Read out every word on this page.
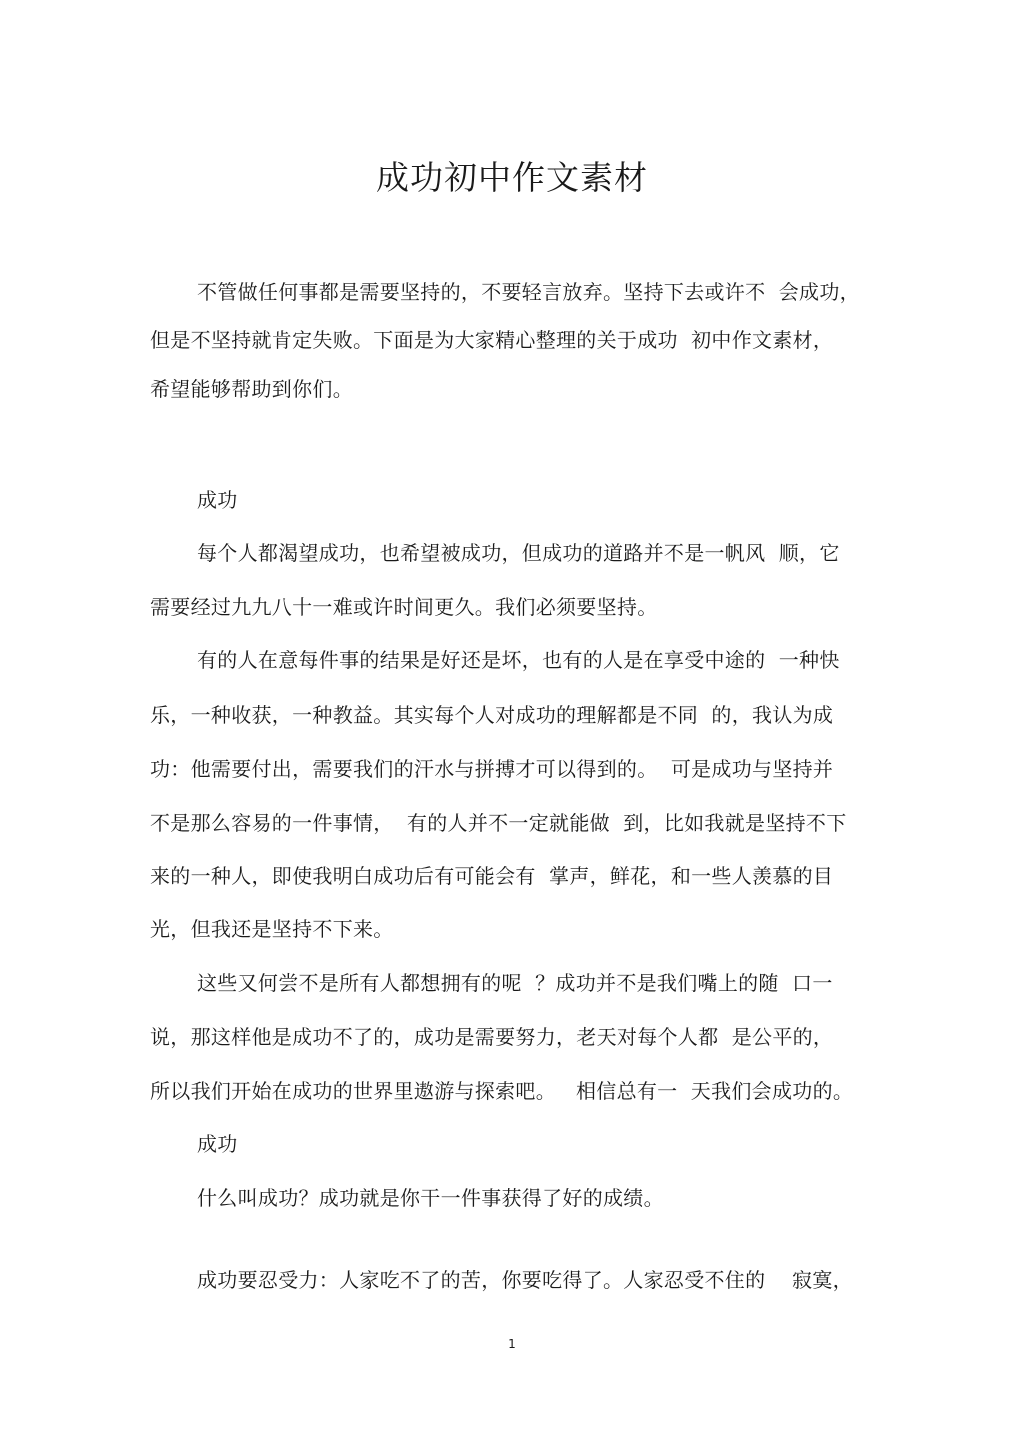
成功初中作文素材
不管做任何事都是需要坚持的，不要轻言放弃。坚持下去或许不  会成功，
但是不坚持就肯定失败。下面是为大家精心整理的关于成功  初中作文素材，
希望能够帮助到你们。
成功
每个人都渴望成功，也希望被成功，但成功的道路并不是一帆风  顺，它
需要经过九九八十一难或许时间更久。我们必须要坚持。
有的人在意每件事的结果是好还是坏，也有的人是在享受中途的  一种快
乐，一种收获，一种教益。其实每个人对成功的理解都是不同  的，我认为成
功：他需要付出，需要我们的汗水与拼搏才可以得到的。  可是成功与坚持并
不是那么容易的一件事情，  有的人并不一定就能做  到，比如我就是坚持不下
来的一种人，即使我明白成功后有可能会有  掌声，鲜花，和一些人羡慕的目
光，但我还是坚持不下来。
这些又何尝不是所有人都想拥有的呢  ？成功并不是我们嘴上的随  口一
说，那这样他是成功不了的，成功是需要努力，老天对每个人都  是公平的，
所以我们开始在成功的世界里遨游与探索吧。   相信总有一  天我们会成功的。
成功
什么叫成功？成功就是你干一件事获得了好的成绩。
成功要忍受力：人家吃不了的苦，你要吃得了。人家忍受不住的    寂寞，
1
